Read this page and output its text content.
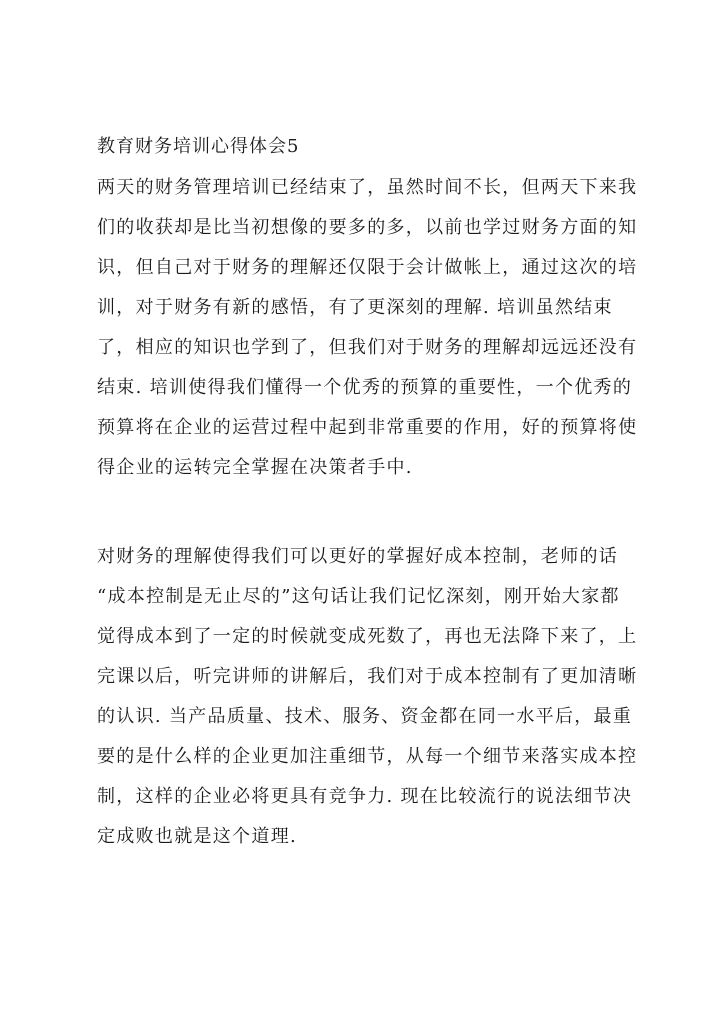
教育财务培训心得体会5
两天的财务管理培训已经结束了，虽然时间不长，但两天下来我
们的收获却是比当初想像的要多的多，以前也学过财务方面的知
识，但自己对于财务的理解还仅限于会计做帐上，通过这次的培
训，对于财务有新的感悟，有了更深刻的理解. 培训虽然结束
了，相应的知识也学到了，但我们对于财务的理解却远远还没有
结束. 培训使得我们懂得一个优秀的预算的重要性，一个优秀的
预算将在企业的运营过程中起到非常重要的作用，好的预算将使
得企业的运转完全掌握在决策者手中.
对财务的理解使得我们可以更好的掌握好成本控制，老师的话
“成本控制是无止尽的”这句话让我们记忆深刻，刚开始大家都
觉得成本到了一定的时候就变成死数了，再也无法降下来了，上
完课以后，听完讲师的讲解后，我们对于成本控制有了更加清晰
的认识. 当产品质量、技术、服务、资金都在同一水平后，最重
要的是什么样的企业更加注重细节，从每一个细节来落实成本控
制，这样的企业必将更具有竞争力. 现在比较流行的说法细节决
定成败也就是这个道理.
